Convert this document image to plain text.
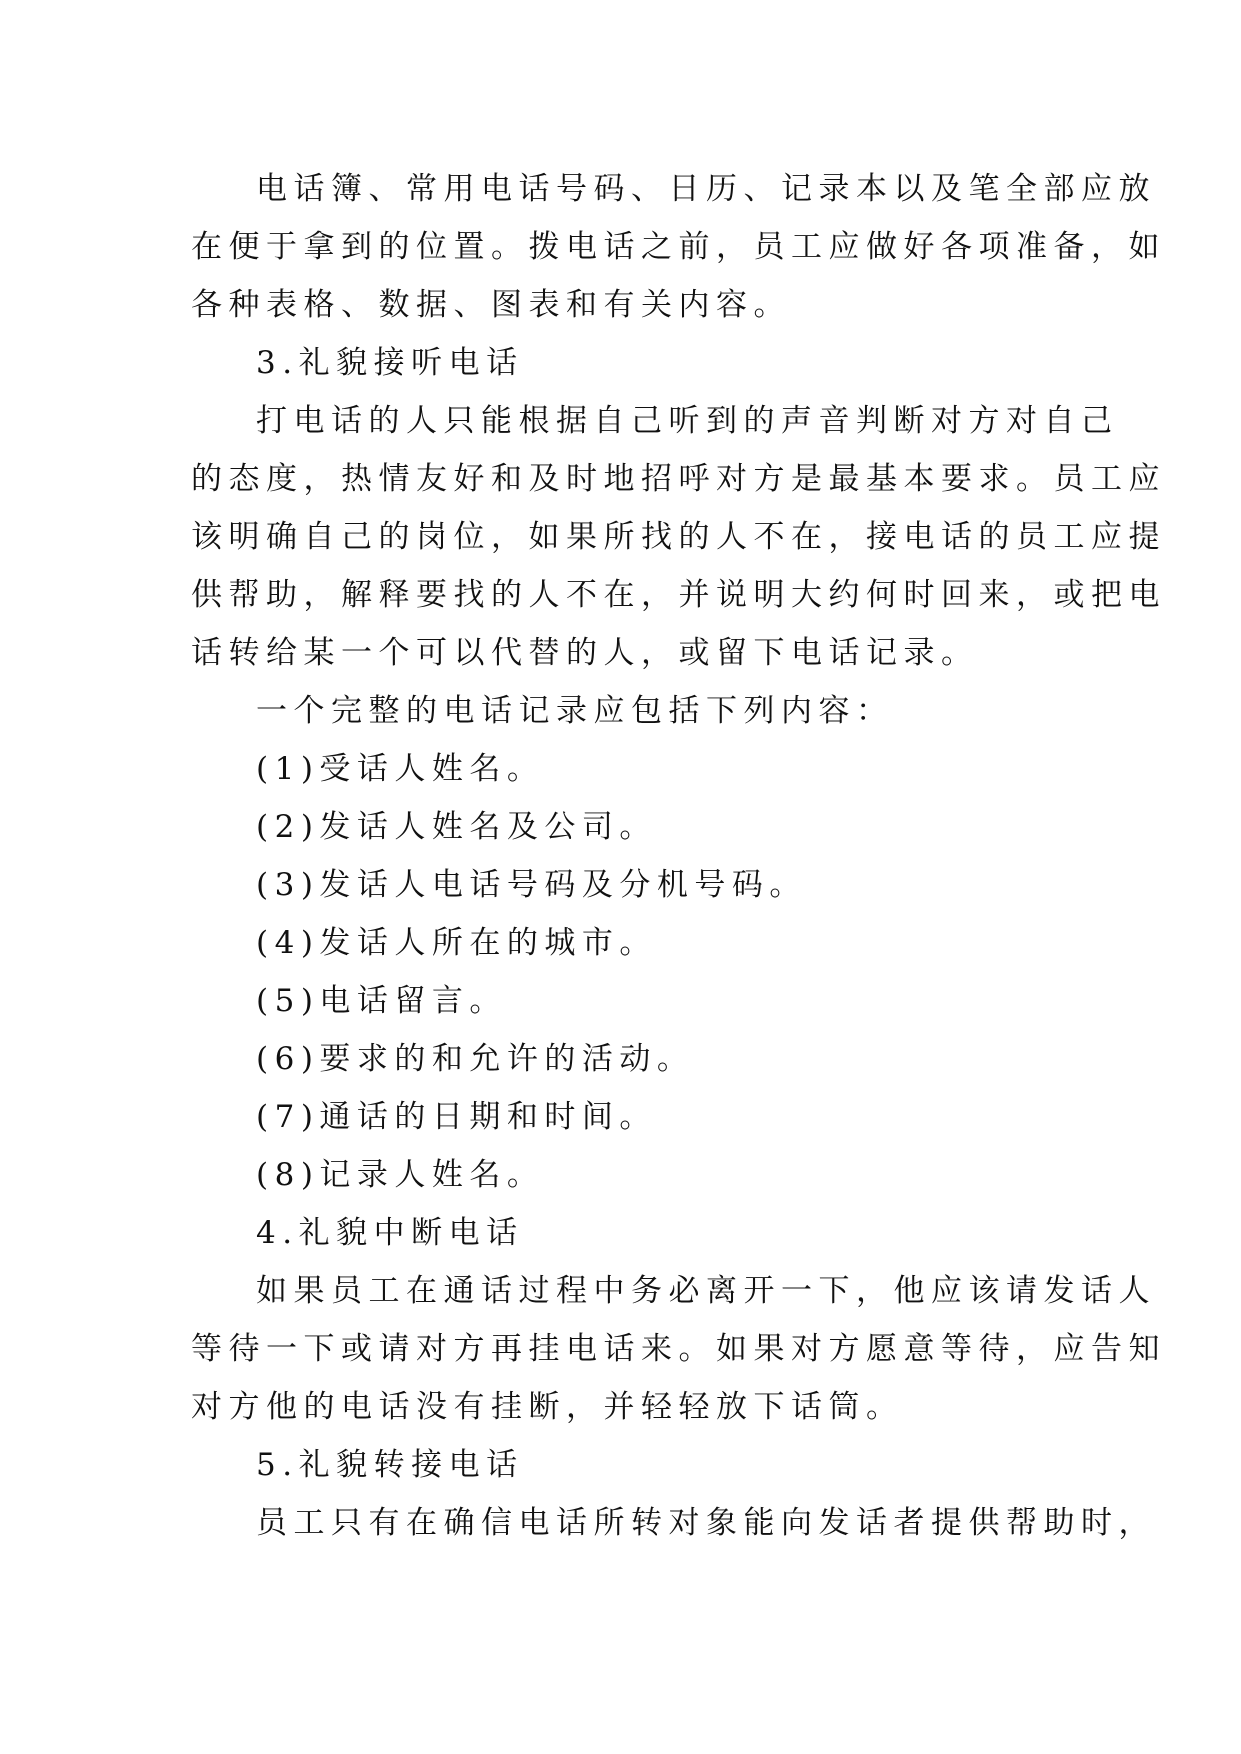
电话簿、常用电话号码、日历、记录本以及笔全部应放
在便于拿到的位置。拨电话之前，员工应做好各项准备，如
各种表格、数据、图表和有关内容。
3.礼貌接听电话
打电话的人只能根据自己听到的声音判断对方对自己
的态度，热情友好和及时地招呼对方是最基本要求。员工应
该明确自己的岗位，如果所找的人不在，接电话的员工应提
供帮助，解释要找的人不在，并说明大约何时回来，或把电
话转给某一个可以代替的人，或留下电话记录。
一个完整的电话记录应包括下列内容：
(1)受话人姓名。
(2)发话人姓名及公司。
(3)发话人电话号码及分机号码。
(4)发话人所在的城市。
(5)电话留言。
(6)要求的和允许的活动。
(7)通话的日期和时间。
(8)记录人姓名。
4.礼貌中断电话
如果员工在通话过程中务必离开一下，他应该请发话人
等待一下或请对方再挂电话来。如果对方愿意等待，应告知
对方他的电话没有挂断，并轻轻放下话筒。
5.礼貌转接电话
员工只有在确信电话所转对象能向发话者提供帮助时，
